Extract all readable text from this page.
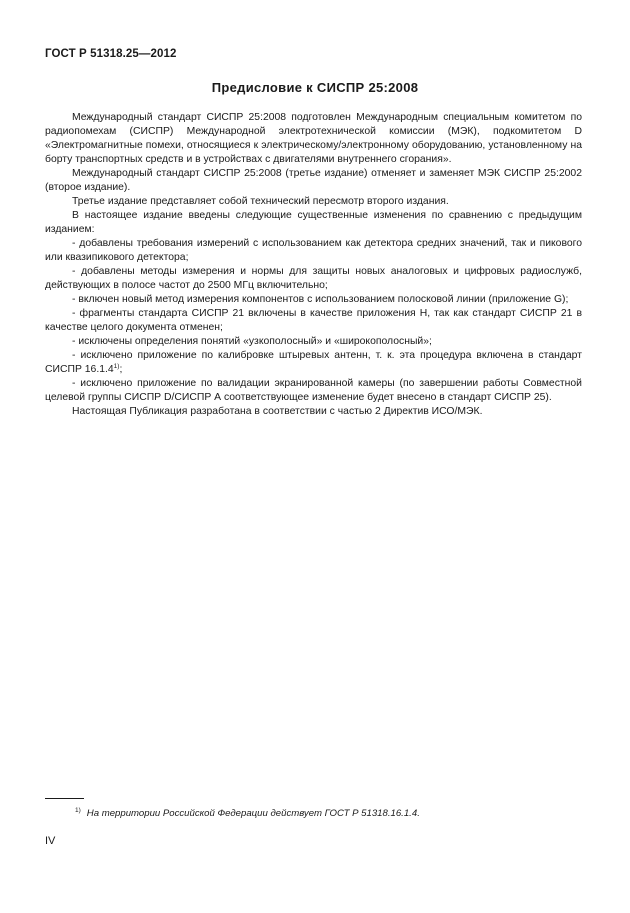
ГОСТ Р 51318.25—2012
Предисловие к СИСПР 25:2008

Международный стандарт СИСПР 25:2008 подготовлен Международным специальным комитетом по радиопомехам (СИСПР) Международной электротехнической комиссии (МЭК), подкомитетом D «Электромагнитные помехи, относящиеся к электрическому/электронному оборудованию, установленному на борту транспортных средств и в устройствах с двигателями внутреннего сгорания».

Международный стандарт СИСПР 25:2008 (третье издание) отменяет и заменяет МЭК СИСПР 25:2002 (второе издание).

Третье издание представляет собой технический пересмотр второго издания.

В настоящее издание введены следующие существенные изменения по сравнению с предыдущим изданием:

- добавлены требования измерений с использованием как детектора средних значений, так и пикового или квазипикового детектора;

- добавлены методы измерения и нормы для защиты новых аналоговых и цифровых радиослужб, действующих в полосе частот до 2500 МГц включительно;

- включен новый метод измерения компонентов с использованием полосковой линии (приложение G);

- фрагменты стандарта СИСПР 21 включены в качестве приложения Н, так как стандарт СИСПР 21 в качестве целого документа отменен;

- исключены определения понятий «узкополосный» и «широкополосный»;

- исключено приложение по калибровке штыревых антенн, т. к. эта процедура включена в стандарт СИСПР 16.1.4$^{1)}$;

- исключено приложение по валидации экранированной камеры (по завершении работы Совместной целевой группы СИСПР D/СИСПР А соответствующее изменение будет внесено в стандарт СИСПР 25).

Настоящая Публикация разработана в соответствии с частью 2 Директив ИСО/МЭК.

$^{1)}$ На территории Российской Федерации действует ГОСТ Р 51318.16.1.4.
IV
